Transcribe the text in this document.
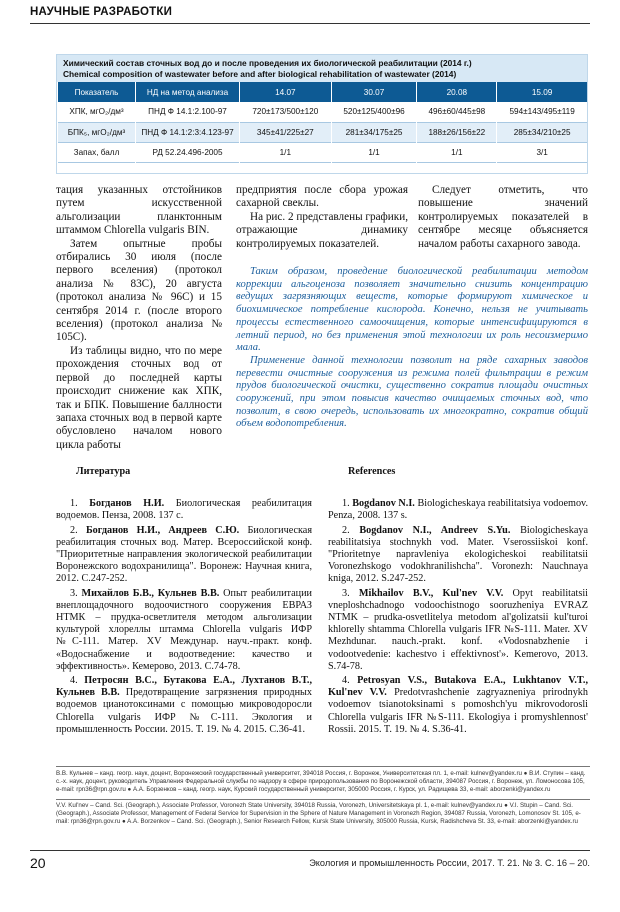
НАУЧНЫЕ РАЗРАБОТКИ
Химический состав сточных вод до и после проведения их биологической реабилитации (2014 г.)
Chemical composition of wastewater before and after biological rehabilitation of wastewater (2014)
Показатель	НД на метод анализа	14.07	30.07	20.08	15.09
ХПК, мгО₂/дм³	ПНД Ф 14.1:2.100-97	720±173/500±120	520±125/400±96	496±60/445±98	594±143/495±119
БПК₅, мгО₂/дм³	ПНД Ф 14.1:2:3:4.123-97	345±41/225±27	281±34/175±25	188±26/156±22	285±34/210±25
Запах, балл	РД 52.24.496-2005	1/1	1/1	1/1	3/1

тация указанных отстойников путем искусственной альголизации планктонным штаммом Chlorella vulgaris BIN.

Затем опытные пробы отбирались 30 июля (после первого вселения) (протокол анализа № 83С), 20 августа (протокол анализа № 96С) и 15 сентября 2014 г. (после второго вселения) (протокол анализа № 105С).

Из таблицы видно, что по мере прохождения сточных вод от первой до последней карты происходит снижение как ХПК, так и БПК. Повышение баллности запаха сточных вод в первой карте обусловлено началом нового цикла работы

предприятия после сбора урожая сахарной свеклы.

На рис. 2 представлены графики, отражающие динамику контролируемых показателей.

Следует отметить, что повышение значений контролируемых показателей в сентябре месяце объясняется началом работы сахарного завода.

Таким образом, проведение биологической реабилитации методом коррекции альгоценоза позволяет значительно снизить концентрацию ведущих загрязняющих веществ, которые формируют химическое и биохимическое потребление кислорода. Конечно, нельзя не учитывать процессы естественного самоочищения, которые интенсифицируются в летний период, но без применения этой технологии их роль несоизмеримо мала.

Применение данной технологии позволит на ряде сахарных заводов перевести очистные сооружения из режима полей фильтрации в режим прудов биологической очистки, существенно сократив площади очистных сооружений, при этом повысив качество очищаемых сточных вод, что позволит, в свою очередь, использовать их многократно, сократив общий объем водопотребления.

Литература
1. Богданов Н.И. Биологическая реабилитация водоемов. Пенза, 2008. 137 с.
2. Богданов Н.И., Андреев С.Ю. Биологическая реабилитация сточных вод. Матер. Всероссийской конф. "Приоритетные направления экологической реабилитации Воронежского водохранилища". Воронеж: Научная книга, 2012. С.247-252.
3. Михайлов Б.В., Кульнев В.В. Опыт реабилитации внеплощадочного водоочистного сооружения ЕВРАЗ НТМК – прудка-осветлителя методом альголизации культурой хлореллы штамма Chlorella vulgaris ИФР №С-111. Матер. XV Междунар. науч.-практ. конф. «Водоснабжение и водоотведение: качество и эффективность». Кемерово, 2013. С.74-78.
4. Петросян В.С., Бутакова Е.А., Лухтанов В.Т., Кульнев В.В. Предотвращение загрязнения природных водоемов цианотоксинами с помощью микроводоросли Chlorella vulgaris ИФР №С-111. Экология и промышленность России. 2015. Т. 19. № 4. 2015. С.36-41.
References
1. Bogdanov N.I. Biologicheskaya reabilitatsiya vodoemov. Penza, 2008. 137 s.
2. Bogdanov N.I., Andreev S.Yu. Biologicheskaya reabilitatsiya stochnykh vod. Mater. Vserossiiskoi konf. "Prioritetnye napravleniya ekologicheskoi reabilitatsii Voronezhskogo vodokhranilishcha". Voronezh: Nauchnaya kniga, 2012. S.247-252.
3. Mikhailov B.V., Kul'nev V.V. Opyt reabilitatsii vneploshchadnogo vodoochistnogo sooruzheniya EVRAZ NTMK – prudka-osvetlitelya metodom al'golizatsii kul'turoi khlorelly shtamma Chlorella vulgaris IFR №S-111. Mater. XV Mezhdunar. nauch.-prakt. konf. «Vodosnabzhenie i vodootvedenie: kachestvo i effektivnost'». Kemerovo, 2013. S.74-78.
4. Petrosyan V.S., Butakova E.A., Lukhtanov V.T., Kul'nev V.V. Predotvrashchenie zagryazneniya prirodnykh vodoemov tsianotoksinami s pomoshch'yu mikrovodorosli Chlorella vulgaris IFR №S-111. Ekologiya i promyshlennost' Rossii. 2015. T. 19. № 4. S.36-41.
В.В. Кульнев – канд. геогр. наук, доцент, Воронежский государственный университет, 394018 Россия, г. Воронеж, Университетская пл. 1, e-mail: kulnev@yandex.ru ● В.И. Ступин – канд. с.-х. наук, доцент, руководитель Управления Федеральной службы по надзору в сфере природопользования по Воронежской области, 394087 Россия, г. Воронеж, ул. Ломоносова 105, e-mail: rpn36@rpn.gov.ru ● А.А. Борзенков – канд. геогр. наук, Курский государственный университет, 305000 Россия, г. Курск, ул. Радищева 33, e-mail: aborzenki@yandex.ru
V.V. Kul'nev – Cand. Sci. (Geograph.), Associate Professor, Voronezh State University, 394018 Russia, Voronezh, Universitetskaya pl. 1, e-mail: kulnev@yandex.ru ● V.I. Stupin – Cand. Sci. (Geograph.), Associate Professor, Management of Federal Service for Supervision in the Sphere of Nature Management in Voronezh Region, 394087 Russia, Voronezh, Lomonosov St. 105, e-mail: rpn36@rpn.gov.ru ● A.A. Borzenkov – Cand. Sci. (Geograph.), Senior Research Fellow, Kursk State University, 305000 Russia, Kursk, Radishcheva St. 33, e-mail: aborzenki@yandex.ru
20	Экология и промышленность России, 2017. Т. 21. № 3. С. 16 – 20.
